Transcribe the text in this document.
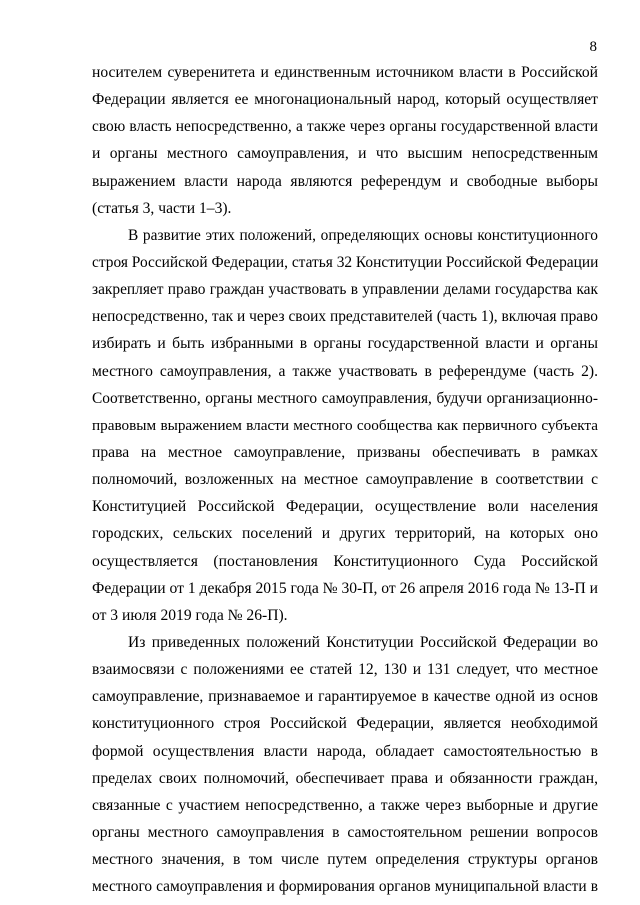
8
носителем суверенитета и единственным источником власти в Российской
Федерации является ее многонациональный народ, который осуществляет
свою власть непосредственно, а также через органы государственной власти
и органы местного самоуправления, и что высшим непосредственным
выражением власти народа являются референдум и свободные выборы
(статья 3, части 1–3).
В развитие этих положений, определяющих основы конституционного
строя Российской Федерации, статья 32 Конституции Российской Федерации
закрепляет право граждан участвовать в управлении делами государства как
непосредственно, так и через своих представителей (часть 1), включая право
избирать и быть избранными в органы государственной власти и органы
местного самоуправления, а также участвовать в референдуме (часть 2).
Соответственно, органы местного самоуправления, будучи организационно-
правовым выражением власти местного сообщества как первичного субъекта
права на местное самоуправление, призваны обеспечивать в рамках
полномочий, возложенных на местное самоуправление в соответствии с
Конституцией Российской Федерации, осуществление воли населения
городских, сельских поселений и других территорий, на которых оно
осуществляется (постановления Конституционного Суда Российской
Федерации от 1 декабря 2015 года № 30-П, от 26 апреля 2016 года № 13-П и
от 3 июля 2019 года № 26-П).
Из приведенных положений Конституции Российской Федерации во
взаимосвязи с положениями ее статей 12, 130 и 131 следует, что местное
самоуправление, признаваемое и гарантируемое в качестве одной из основ
конституционного строя Российской Федерации, является необходимой
формой осуществления власти народа, обладает самостоятельностью в
пределах своих полномочий, обеспечивает права и обязанности граждан,
связанные с участием непосредственно, а также через выборные и другие
органы местного самоуправления в самостоятельном решении вопросов
местного значения, в том числе путем определения структуры органов
местного самоуправления и формирования органов муниципальной власти в
